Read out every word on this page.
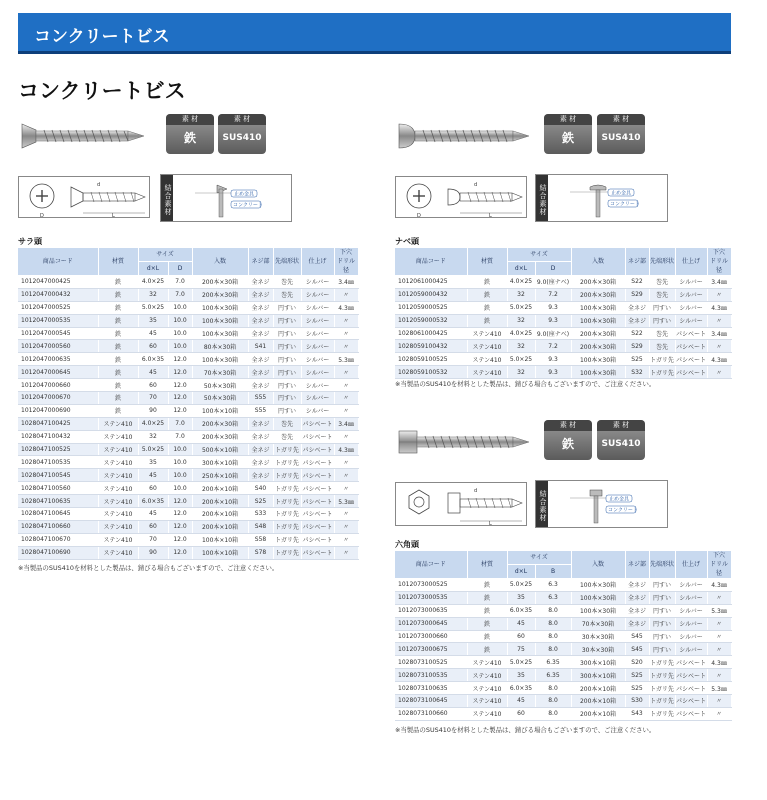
コンクリートビス
コンクリートビス
素 材
鉄
素 材
SUS410
L
D
d	結合素材	止め金具
コンクリート
サラ頭
商品コード	材質	サイズ		入数	ネジ部	先端形状	仕上げ	下穴
ドリル径
		d×L	D					
1012047000425	鉄	4.0×25	7.0	200本×30箱	全ネジ	巻先	シルバー	3.4㎜
1012047000432	鉄	32	7.0	200本×30箱	全ネジ	巻先	シルバー	〃
1012047000525	鉄	5.0×25	10.0	100本×30箱	全ネジ	円すい	シルバー	4.3㎜
1012047000535	鉄	35	10.0	100本×30箱	全ネジ	円すい	シルバー	〃
1012047000545	鉄	45	10.0	100本×30箱	全ネジ	円すい	シルバー	〃
1012047000560	鉄	60	10.0	80本×30箱	S41	円すい	シルバー	〃
1012047000635	鉄	6.0×35	12.0	100本×30箱	全ネジ	円すい	シルバー	5.3㎜
1012047000645	鉄	45	12.0	70本×30箱	全ネジ	円すい	シルバー	〃
1012047000660	鉄	60	12.0	50本×30箱	全ネジ	円すい	シルバー	〃
1012047000670	鉄	70	12.0	50本×30箱	S55	円すい	シルバー	〃
1012047000690	鉄	90	12.0	100本×10箱	S55	円すい	シルバー	〃
1028047100425	ステン410	4.0×25	7.0	200本×30箱	全ネジ	巻先	パシベート	3.4㎜
1028047100432	ステン410	32	7.0	200本×30箱	全ネジ	巻先	パシベート	〃
1028047100525	ステン410	5.0×25	10.0	500本×10箱	全ネジ	トガリ先	パシベート	4.3㎜
1028047100535	ステン410	35	10.0	300本×10箱	全ネジ	トガリ先	パシベート	〃
1028047100545	ステン410	45	10.0	250本×10箱	全ネジ	トガリ先	パシベート	〃
1028047100560	ステン410	60	10.0	200本×10箱	S40	トガリ先	パシベート	〃
1028047100635	ステン410	6.0×35	12.0	200本×10箱	S25	トガリ先	パシベート	5.3㎜
1028047100645	ステン410	45	12.0	200本×10箱	S33	トガリ先	パシベート	〃
1028047100660	ステン410	60	12.0	200本×10箱	S48	トガリ先	パシベート	〃
1028047100670	ステン410	70	12.0	100本×10箱	S58	トガリ先	パシベート	〃
1028047100690	ステン410	90	12.0	100本×10箱	S78	トガリ先	パシベート	〃
※当製品のSUS410を材料とした製品は、錆びる場合もございますので、ご注意ください。
素 材
鉄
素 材
SUS410
L
D
d	結合素材	止め金具
コンクリート
ナベ頭
商品コード	材質	サイズ		入数	ネジ部	先端形状	仕上げ	下穴
ドリル径
		d×L	D					
1012061000425	鉄	4.0×25	9.0(座ナベ)	200本×30箱	S22	巻先	シルバー	3.4㎜
1012059000432	鉄	32	7.2	200本×30箱	S29	巻先	シルバー	〃
1012059000525	鉄	5.0×25	9.3	100本×30箱	全ネジ	円すい	シルバー	4.3㎜
1012059000532	鉄	32	9.3	100本×30箱	全ネジ	円すい	シルバー	〃
1028061000425	ステン410	4.0×25	9.0(座ナベ)	200本×30箱	S22	巻先	パシベート	3.4㎜
1028059100432	ステン410	32	7.2	200本×30箱	S29	巻先	パシベート	〃
1028059100525	ステン410	5.0×25	9.3	100本×30箱	S25	トガリ先	パシベート	4.3㎜
1028059100532	ステン410	32	9.3	100本×30箱	S32	トガリ先	パシベート	〃
※当製品のSUS410を材料とした製品は、錆びる場合もございますので、ご注意ください。
素 材
鉄
素 材
SUS410
L
d	結合素材	止め金具
コンクリート
六角頭
商品コード	材質	サイズ		入数	ネジ部	先端形状	仕上げ	下穴
ドリル径
		d×L	B					
1012073000525	鉄	5.0×25	6.3	100本×30箱	全ネジ	円すい	シルバー	4.3㎜
1012073000535	鉄	35	6.3	100本×30箱	全ネジ	円すい	シルバー	〃
1012073000635	鉄	6.0×35	8.0	100本×30箱	全ネジ	円すい	シルバー	5.3㎜
1012073000645	鉄	45	8.0	70本×30箱	全ネジ	円すい	シルバー	〃
1012073000660	鉄	60	8.0	30本×30箱	S45	円すい	シルバー	〃
1012073000675	鉄	75	8.0	30本×30箱	S45	円すい	シルバー	〃
1028073100525	ステン410	5.0×25	6.35	300本×10箱	S20	トガリ先	パシベート	4.3㎜
1028073100535	ステン410	35	6.35	300本×10箱	S25	トガリ先	パシベート	〃
1028073100635	ステン410	6.0×35	8.0	200本×10箱	S25	トガリ先	パシベート	5.3㎜
1028073100645	ステン410	45	8.0	200本×10箱	S30	トガリ先	パシベート	〃
1028073100660	ステン410	60	8.0	200本×10箱	S43	トガリ先	パシベート	〃
※当製品のSUS410を材料とした製品は、錆びる場合もございますので、ご注意ください。
